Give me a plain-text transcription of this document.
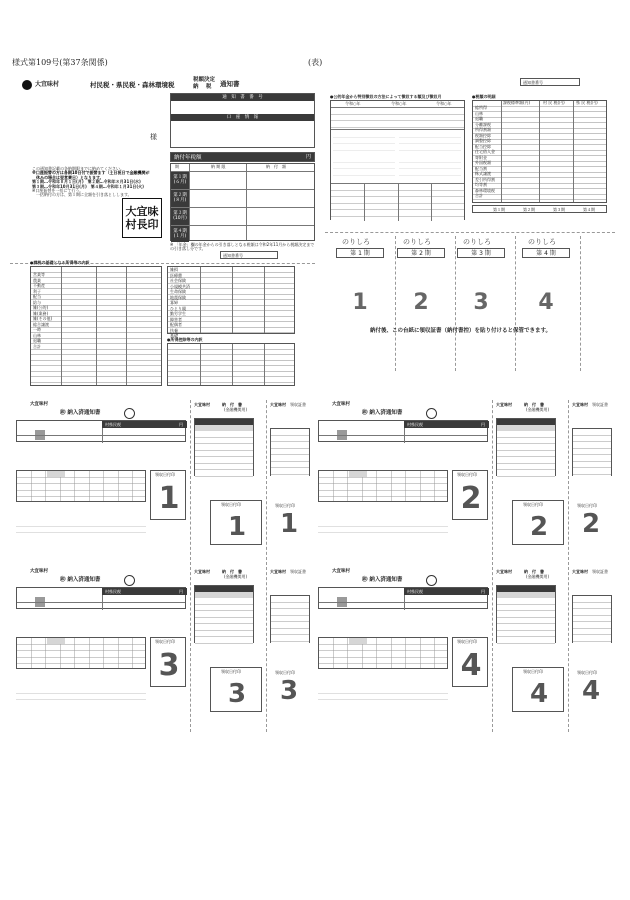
様式第109号(第37条関係)	(表)
大宜味村	村民税・県民税・森林環境税
税額決定
納　 税 通知書
通　知　書　番　号
口　座　情　報
様
納付年税額	円
期	納 期 限	納　付　額
第１期
(６月)
第２期
(８月)
第３期
(10月)
第４期
(１月)
この通知書記載の各納期限までに納めてください。
※口座振替の方は各期10日付で振替ます（土日祝日で金融機関が
　休みの場合は翌営業日）となります。
第１期…令和年８月１日(月)　第２期…令和年８月31日(水)
第３期…令和年10月31日(月)　第４期…令和年１月31日(火)
※口座振替を一括にて行う。
　一括納付の方は、第１期に全額を引き落としします。
大宜味
村長印
※ 「年金」欄の年金からの引き落しとなる税額は令和2年11月から税額決定までの引き落し分です。
通知書番号
●課税の基礎となる所得等の内訳
営業等
農業
不動産
利子
配当
給与
雑(公的)
雑(業務)
雑(その他)
総合譲渡
一時
山林
退職
合計
雑損
医療費
社会保険
小規模共済
生命保険
地震保険
寡婦
ひとり親
勤労学生
障害者
配偶者
扶養
基礎
●所得控除等の内訳
通知書番号
●公的年金から特別徴収の方法によって徴収する額及び徴収月
令和○年	令和○年	令和○年
●税額の明細
課税標準額(円)	村 民 税(円)	県 民 税(円)
総所得
山林
退職
分離課税
所得割額
税額控除
調整控除
配当控除
住宅借入金
寄附金
外国税額
配当割
株式譲渡
差引所得割
均等割
森林環境税
合計
第１期	第２期	第３期	第４期
のりしろ
第 1 期
1
のりしろ
第 2 期
2
のりしろ
第 3 期
3
のりしろ
第 4 期
4
納付後、この台紙に領収証書（納付書控）を貼り付けると保管できます。
大宜味村
㊞ 納入済通知書
村県民税	円
領収日付印
1
大宜味村	納　付　書
(金融機関用)
領収日付印
1
大宜味村 領収証書
領収日付印
1
大宜味村
㊞ 納入済通知書
村県民税	円
領収日付印
2
大宜味村	納　付　書
(金融機関用)
領収日付印
2
大宜味村 領収証書
領収日付印
2
大宜味村
㊞ 納入済通知書
村県民税	円
領収日付印
3
大宜味村	納　付　書
(金融機関用)
領収日付印
3
大宜味村 領収証書
領収日付印
3
大宜味村
㊞ 納入済通知書
村県民税	円
領収日付印
4
大宜味村	納　付　書
(金融機関用)
領収日付印
4
大宜味村 領収証書
領収日付印
4
